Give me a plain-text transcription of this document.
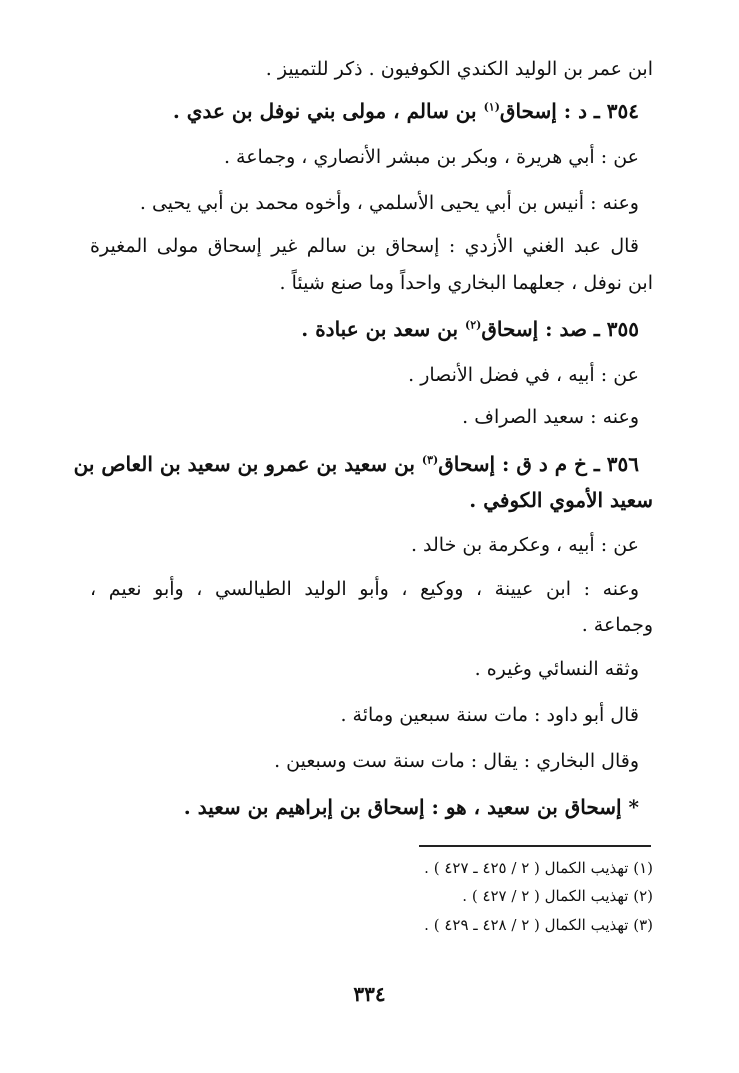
ابن عمر بن الوليد الكندي الكوفيون . ذكر للتمييز .
٣٥٤ ـ د : إسحاق$^{(١)}$ بن سالم ، مولى بني نوفل بن عدي .
عن : أبي هريرة ، وبكر بن مبشر الأنصاري ، وجماعة .
وعنه : أنيس بن أبي يحيى الأسلمي ، وأخوه محمد بن أبي يحيى .
قال عبد الغني الأزدي : إسحاق بن سالم غير إسحاق مولى المغيرة
ابن نوفل ، جعلهما البخاري واحداً وما صنع شيئاً .
٣٥٥ ـ صد : إسحاق$^{(٢)}$ بن سعد بن عبادة .
عن : أبيه ، في فضل الأنصار .
وعنه : سعيد الصراف .
٣٥٦ ـ خ م د ق : إسحاق$^{(٣)}$ بن سعيد بن عمرو بن سعيد بن العاص بن
سعيد الأموي الكوفي .
عن : أبيه ، وعكرمة بن خالد .
وعنه : ابن عيينة ، ووكيع ، وأبو الوليد الطيالسي ، وأبو نعيم ،
وجماعة .
وثقه النسائي وغيره .
قال أبو داود : مات سنة سبعين ومائة .
وقال البخاري : يقال : مات سنة ست وسبعين .
* إسحاق بن سعيد ، هو : إسحاق بن إبراهيم بن سعيد .
(١) تهذيب الكمال ( ٢ / ٤٢٥ ـ ٤٢٧ ) .
(٢) تهذيب الكمال ( ٢ / ٤٢٧ ) .
(٣) تهذيب الكمال ( ٢ / ٤٢٨ ـ ٤٢٩ ) .
٣٣٤
